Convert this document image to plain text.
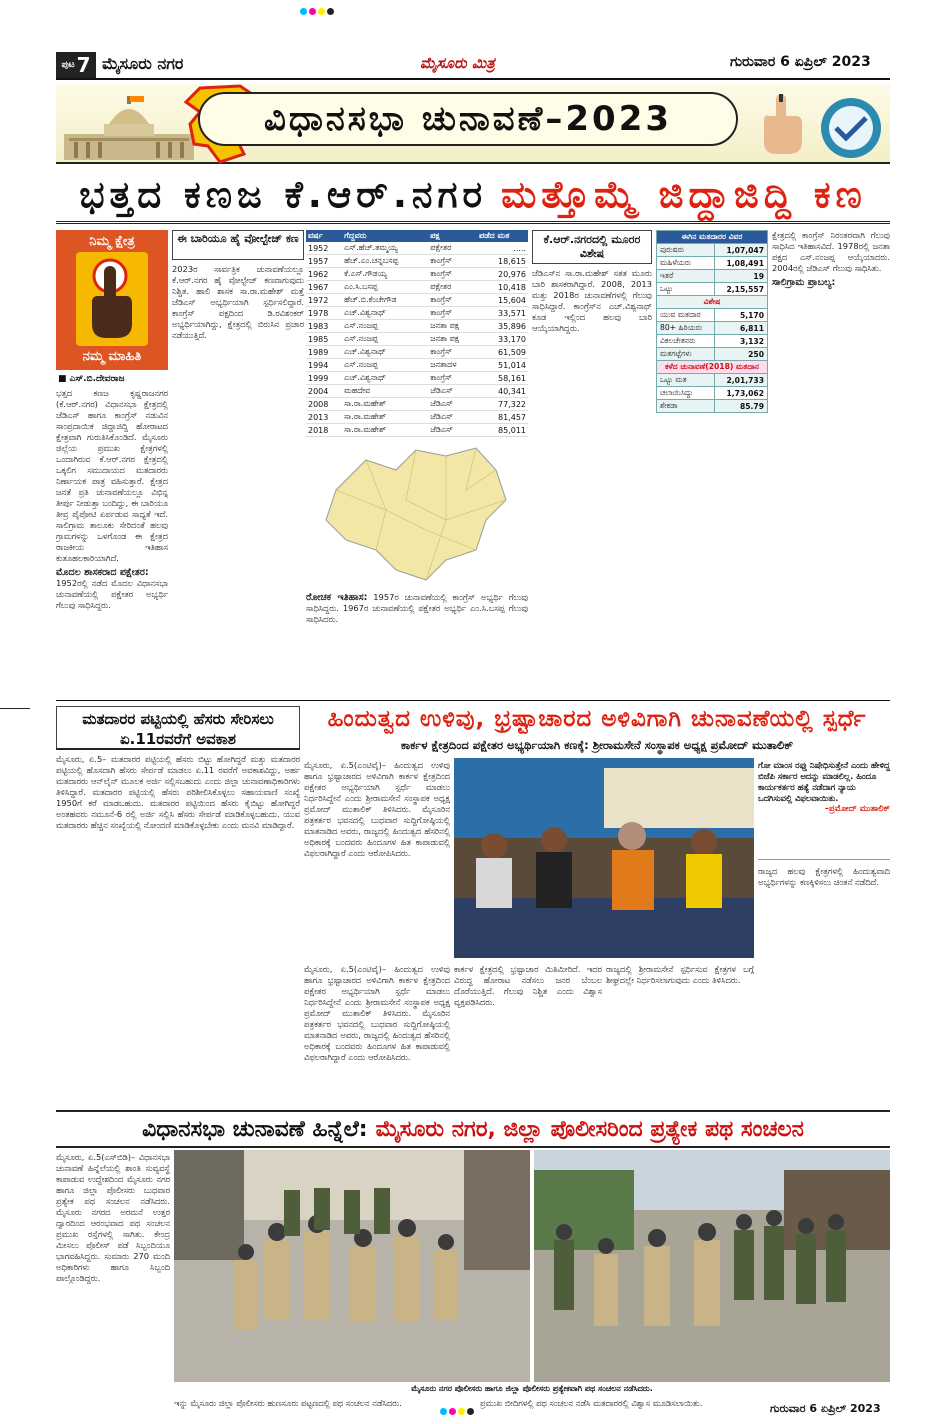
ಪುಟ 7 ಮೈಸೂರು ನಗರ	ಮೈಸೂರು ಮಿತ್ರ	ಗುರುವಾರ 6 ಏಪ್ರಿಲ್ 2023
ವಿಧಾನಸಭಾ ಚುನಾವಣೆ–2023
ಭತ್ತದ ಕಣಜ ಕೆ.ಆರ್.ನಗರ ಮತ್ತೊಮ್ಮೆ ಜಿದ್ದಾಜಿದ್ದಿ ಕಣ
ನಿಮ್ಮ ಕ್ಷೇತ್ರ
ನಮ್ಮ ಮಾಹಿತಿ
■ ಎಸ್.ಬಿ.ದೇವರಾಜ
ಭತ್ತದ ಕಣಜ ಕೃಷ್ಣರಾಜನಗರ (ಕೆ.ಆರ್.ನಗರ) ವಿಧಾನಸಭಾ ಕ್ಷೇತ್ರದಲ್ಲಿ ಜೆಡಿಎಸ್ ಹಾಗೂ ಕಾಂಗ್ರೆಸ್ ನಡುವಿನ ಸಾಂಪ್ರದಾಯಿಕ ಜಿದ್ದಾಜಿದ್ದಿ ಹೋರಾಟದ ಕ್ಷೇತ್ರವಾಗಿ ಗುರುತಿಸಿಕೊಂಡಿದೆ. ಮೈಸೂರು ಜಿಲ್ಲೆಯ ಪ್ರಮುಖ ಕ್ಷೇತ್ರಗಳಲ್ಲಿ ಒಂದಾಗಿರುವ ಕೆ.ಆರ್.ನಗರ ಕ್ಷೇತ್ರದಲ್ಲಿ ಒಕ್ಕಲಿಗ ಸಮುದಾಯದ ಮತದಾರರು ನಿರ್ಣಾಯಕ ಪಾತ್ರ ವಹಿಸುತ್ತಾರೆ. ಕ್ಷೇತ್ರದ ಜನತೆ ಪ್ರತಿ ಚುನಾವಣೆಯಲ್ಲೂ ವಿಭಿನ್ನ ತೀರ್ಪು ನೀಡುತ್ತಾ ಬಂದಿದ್ದು, ಈ ಬಾರಿಯೂ ತೀವ್ರ ಪೈಪೋಟಿ ಏರ್ಪಡುವ ಸಾಧ್ಯತೆ ಇದೆ. ಸಾಲಿಗ್ರಾಮ ತಾಲೂಕು ಸೇರಿದಂತೆ ಹಲವು ಗ್ರಾಮಗಳನ್ನು ಒಳಗೊಂಡ ಈ ಕ್ಷೇತ್ರದ ರಾಜಕೀಯ ಇತಿಹಾಸ ಕುತೂಹಲಕಾರಿಯಾಗಿದೆ.
ಮೊದಲ ಶಾಸಕರಾದ ಪಕ್ಷೇತರ:
1952ರಲ್ಲಿ ನಡೆದ ಮೊದಲ ವಿಧಾನಸಭಾ ಚುನಾವಣೆಯಲ್ಲಿ ಪಕ್ಷೇತರ ಅಭ್ಯರ್ಥಿ ಗೆಲುವು ಸಾಧಿಸಿದ್ದರು.
ಈ ಬಾರಿಯೂ ಹೈ ವೋಲ್ಟೇಜ್ ಕಣ
2023ರ ಸಾರ್ವತ್ರಿಕ ಚುನಾವಣೆಯಲ್ಲೂ ಕೆ.ಆರ್.ನಗರ ಹೈ ವೋಲ್ಟೇಜ್ ಕಣವಾಗುವುದು ನಿಶ್ಚಿತ. ಹಾಲಿ ಶಾಸಕ ಸಾ.ರಾ.ಮಹೇಶ್ ಮತ್ತೆ ಜೆಡಿಎಸ್ ಅಭ್ಯರ್ಥಿಯಾಗಿ ಸ್ಪರ್ಧಿಸಲಿದ್ದಾರೆ. ಕಾಂಗ್ರೆಸ್ ಪಕ್ಷದಿಂದ ಡಿ.ರವಿಶಂಕರ್ ಅಭ್ಯರ್ಥಿಯಾಗಿದ್ದು, ಕ್ಷೇತ್ರದಲ್ಲಿ ಬಿರುಸಿನ ಪ್ರಚಾರ ನಡೆಯುತ್ತಿದೆ.
ವರ್ಷ	ಗೆದ್ದವರು	ಪಕ್ಷ	ಪಡೆದ ಮತ
1952	ಎಸ್.ಹೆಚ್.ತಮ್ಮಯ್ಯ	ಪಕ್ಷೇತರ	.....
1957	ಹೆಚ್.ಎಂ.ಚನ್ನಬಸಪ್ಪ	ಕಾಂಗ್ರೆಸ್	18,615
1962	ಕೆ.ಎಸ್.ಗೌಡಯ್ಯ	ಕಾಂಗ್ರೆಸ್	20,976
1967	ಎಂ.ಸಿ.ಬಸಪ್ಪ	ಪಕ್ಷೇತರ	10,418
1972	ಹೆಚ್.ಬಿ.ಕೆಂಚೇಗೌಡ	ಕಾಂಗ್ರೆಸ್	15,604
1978	ಎಚ್.ವಿಶ್ವನಾಥ್	ಕಾಂಗ್ರೆಸ್	33,571
1983	ಎಸ್.ನಂಜಪ್ಪ	ಜನತಾ ಪಕ್ಷ	35,896
1985	ಎಸ್.ನಂಜಪ್ಪ	ಜನತಾ ಪಕ್ಷ	33,170
1989	ಎಚ್.ವಿಶ್ವನಾಥ್	ಕಾಂಗ್ರೆಸ್	61,509
1994	ಎಸ್.ನಂಜಪ್ಪ	ಜನತಾದಳ	51,014
1999	ಎಚ್.ವಿಶ್ವನಾಥ್	ಕಾಂಗ್ರೆಸ್	58,161
2004	ಮಹದೇವ	ಜೆಡಿಎಸ್	40,341
2008	ಸಾ.ರಾ.ಮಹೇಶ್	ಜೆಡಿಎಸ್	77,322
2013	ಸಾ.ರಾ.ಮಹೇಶ್	ಜೆಡಿಎಸ್	81,457
2018	ಸಾ.ರಾ.ಮಹೇಶ್	ಜೆಡಿಎಸ್	85,011
ರೋಚಕ ಇತಿಹಾಸ: 1957ರ ಚುನಾವಣೆಯಲ್ಲಿ ಕಾಂಗ್ರೆಸ್ ಅಭ್ಯರ್ಥಿ ಗೆಲುವು ಸಾಧಿಸಿದ್ದರು. 1967ರ ಚುನಾವಣೆಯಲ್ಲಿ ಪಕ್ಷೇತರ ಅಭ್ಯರ್ಥಿ ಎಂ.ಸಿ.ಬಸಪ್ಪ ಗೆಲುವು ಸಾಧಿಸಿದರು.
ಕೆ.ಆರ್.ನಗರದಲ್ಲಿ ಮೂರರ ವಿಶೇಷ
ಜೆಡಿಎಸ್‌ನ ಸಾ.ರಾ.ಮಹೇಶ್ ಸತತ ಮೂರು ಬಾರಿ ಶಾಸಕರಾಗಿದ್ದಾರೆ. 2008, 2013 ಮತ್ತು 2018ರ ಚುನಾವಣೆಗಳಲ್ಲಿ ಗೆಲುವು ಸಾಧಿಸಿದ್ದಾರೆ. ಕಾಂಗ್ರೆಸ್‌ನ ಎಚ್.ವಿಶ್ವನಾಥ್ ಕೂಡ ಇಲ್ಲಿಂದ ಹಲವು ಬಾರಿ ಆಯ್ಕೆಯಾಗಿದ್ದರು.
ಈಗಿನ ಮತದಾರರ ವಿವರ	
ಪುರುಷರು	1,07,047
ಮಹಿಳೆಯರು	1,08,491
ಇತರೆ	19
ಒಟ್ಟು	2,15,557
ವಿಶೇಷ	
ಯುವ ಮತದಾರ	5,170
80+ ಹಿರಿಯರು	6,811
ವಿಕಲಚೇತನರು	3,132
ಮತಗಟ್ಟೆಗಳು	250
ಕಳೆದ ಚುನಾವಣೆ(2018) ಮತದಾನ	
ಒಟ್ಟು ಮತ	2,01,733
ಚಲಾಯಿಸಿದ್ದು	1,73,062
ಶೇಕಡಾ	85.79
ಕ್ಷೇತ್ರದಲ್ಲಿ ಕಾಂಗ್ರೆಸ್ ನಿರಂತರವಾಗಿ ಗೆಲುವು ಸಾಧಿಸಿದ ಇತಿಹಾಸವಿದೆ. 1978ರಲ್ಲಿ ಜನತಾ ಪಕ್ಷದ ಎಸ್.ನಂಜಪ್ಪ ಆಯ್ಕೆಯಾದರು. 2004ರಲ್ಲಿ ಜೆಡಿಎಸ್ ಗೆಲುವು ಸಾಧಿಸಿತು.
ಸಾಲಿಗ್ರಾಮ ಪ್ರಾಬಲ್ಯ:
ಮತದಾರರ ಪಟ್ಟಿಯಲ್ಲಿ ಹೆಸರು ಸೇರಿಸಲು ಏ.11ರವರೆಗೆ ಅವಕಾಶ
ಮೈಸೂರು, ಏ.5– ಮತದಾರರ ಪಟ್ಟಿಯಲ್ಲಿ ಹೆಸರು ಬಿಟ್ಟು ಹೋಗಿದ್ದರೆ ಮತ್ತು ಮತದಾರರ ಪಟ್ಟಿಯಲ್ಲಿ ಹೊಸದಾಗಿ ಹೆಸರು ಸೇರ್ಪಡೆ ಮಾಡಲು ಏ.11 ರವರೆಗೆ ಅವಕಾಶವಿದ್ದು, ಅರ್ಹ ಮತದಾರರು ಆನ್‌ಲೈನ್ ಮೂಲಕ ಅರ್ಜಿ ಸಲ್ಲಿಸಬಹುದು ಎಂದು ಜಿಲ್ಲಾ ಚುನಾವಣಾಧಿಕಾರಿಗಳು ತಿಳಿಸಿದ್ದಾರೆ. ಮತದಾರರ ಪಟ್ಟಿಯಲ್ಲಿ ಹೆಸರು ಪರಿಶೀಲಿಸಿಕೊಳ್ಳಲು ಸಹಾಯವಾಣಿ ಸಂಖ್ಯೆ 1950ಗೆ ಕರೆ ಮಾಡಬಹುದು. ಮತದಾರರ ಪಟ್ಟಿಯಿಂದ ಹೆಸರು ಕೈಬಿಟ್ಟು ಹೋಗಿದ್ದರೆ ಅಂತಹವರು ನಮೂನೆ-6 ರಲ್ಲಿ ಅರ್ಜಿ ಸಲ್ಲಿಸಿ ಹೆಸರು ಸೇರ್ಪಡೆ ಮಾಡಿಕೊಳ್ಳಬಹುದು. ಯುವ ಮತದಾರರು ಹೆಚ್ಚಿನ ಸಂಖ್ಯೆಯಲ್ಲಿ ನೋಂದಣಿ ಮಾಡಿಕೊಳ್ಳಬೇಕು ಎಂದು ಮನವಿ ಮಾಡಿದ್ದಾರೆ.
ಹಿಂದುತ್ವದ ಉಳಿವು, ಭ್ರಷ್ಟಾಚಾರದ ಅಳಿವಿಗಾಗಿ ಚುನಾವಣೆಯಲ್ಲಿ ಸ್ಪರ್ಧೆ
ಕಾರ್ಕಳ ಕ್ಷೇತ್ರದಿಂದ ಪಕ್ಷೇತರ ಅಭ್ಯರ್ಥಿಯಾಗಿ ಕಣಕ್ಕೆ: ಶ್ರೀರಾಮಸೇನೆ ಸಂಸ್ಥಾಪಕ ಅಧ್ಯಕ್ಷ ಪ್ರಮೋದ್ ಮುತಾಲಿಕ್
ಮೈಸೂರು, ಏ.5(ಎಂಟಿವೈ)– ಹಿಂದುತ್ವದ ಉಳಿವು ಹಾಗೂ ಭ್ರಷ್ಟಾಚಾರದ ಅಳಿವಿಗಾಗಿ ಕಾರ್ಕಳ ಕ್ಷೇತ್ರದಿಂದ ಪಕ್ಷೇತರ ಅಭ್ಯರ್ಥಿಯಾಗಿ ಸ್ಪರ್ಧೆ ಮಾಡಲು ನಿರ್ಧರಿಸಿದ್ದೇನೆ ಎಂದು ಶ್ರೀರಾಮಸೇನೆ ಸಂಸ್ಥಾಪಕ ಅಧ್ಯಕ್ಷ ಪ್ರಮೋದ್ ಮುತಾಲಿಕ್ ತಿಳಿಸಿದರು. ಮೈಸೂರಿನ ಪತ್ರಕರ್ತರ ಭವನದಲ್ಲಿ ಬುಧವಾರ ಸುದ್ದಿಗೋಷ್ಠಿಯಲ್ಲಿ ಮಾತನಾಡಿದ ಅವರು, ರಾಜ್ಯದಲ್ಲಿ ಹಿಂದುತ್ವದ ಹೆಸರಿನಲ್ಲಿ ಅಧಿಕಾರಕ್ಕೆ ಬಂದವರು ಹಿಂದೂಗಳ ಹಿತ ಕಾಪಾಡುವಲ್ಲಿ ವಿಫಲರಾಗಿದ್ದಾರೆ ಎಂದು ಆರೋಪಿಸಿದರು.
ಗೋ ಮಾಂಸ ರಫ್ತು ನಿಷೇಧಿಸುತ್ತೇನೆ ಎಂದು ಹೇಳಿದ್ದ ಬಿಜೆಪಿ ಸರ್ಕಾರ ಅದನ್ನು ಮಾಡಲಿಲ್ಲ. ಹಿಂದೂ ಕಾರ್ಯಕರ್ತರ ಹತ್ಯೆ ನಡೆದಾಗ ನ್ಯಾಯ ಒದಗಿಸುವಲ್ಲಿ ವಿಫಲವಾಯಿತು.
–ಪ್ರಮೋದ್ ಮುತಾಲಿಕ್
ರಾಜ್ಯದ ಹಲವು ಕ್ಷೇತ್ರಗಳಲ್ಲಿ ಹಿಂದುತ್ವವಾದಿ ಅಭ್ಯರ್ಥಿಗಳನ್ನು ಕಣಕ್ಕಿಳಿಸಲು ಚಿಂತನೆ ನಡೆದಿದೆ.
ಕಾರ್ಕಳ ಕ್ಷೇತ್ರದಲ್ಲಿ ಭ್ರಷ್ಟಾಚಾರ ಮಿತಿಮೀರಿದೆ. ಇದರ ವಿರುದ್ಧ ಹೋರಾಟ ನಡೆಸಲು ಜನರ ಬೆಂಬಲ ದೊರೆಯುತ್ತಿದೆ. ಗೆಲುವು ನಿಶ್ಚಿತ ಎಂದು ವಿಶ್ವಾಸ ವ್ಯಕ್ತಪಡಿಸಿದರು.
ರಾಜ್ಯದಲ್ಲಿ ಶ್ರೀರಾಮಸೇನೆ ಸ್ಪರ್ಧಿಸುವ ಕ್ಷೇತ್ರಗಳ ಬಗ್ಗೆ ಶೀಘ್ರದಲ್ಲೇ ನಿರ್ಧರಿಸಲಾಗುವುದು ಎಂದು ತಿಳಿಸಿದರು.
ಮೈಸೂರು, ಏ.5(ಎಂಟಿವೈ)– ಹಿಂದುತ್ವದ ಉಳಿವು ಹಾಗೂ ಭ್ರಷ್ಟಾಚಾರದ ಅಳಿವಿಗಾಗಿ ಕಾರ್ಕಳ ಕ್ಷೇತ್ರದಿಂದ ಪಕ್ಷೇತರ ಅಭ್ಯರ್ಥಿಯಾಗಿ ಸ್ಪರ್ಧೆ ಮಾಡಲು ನಿರ್ಧರಿಸಿದ್ದೇನೆ ಎಂದು ಶ್ರೀರಾಮಸೇನೆ ಸಂಸ್ಥಾಪಕ ಅಧ್ಯಕ್ಷ ಪ್ರಮೋದ್ ಮುತಾಲಿಕ್ ತಿಳಿಸಿದರು. ಮೈಸೂರಿನ ಪತ್ರಕರ್ತರ ಭವನದಲ್ಲಿ ಬುಧವಾರ ಸುದ್ದಿಗೋಷ್ಠಿಯಲ್ಲಿ ಮಾತನಾಡಿದ ಅವರು, ರಾಜ್ಯದಲ್ಲಿ ಹಿಂದುತ್ವದ ಹೆಸರಿನಲ್ಲಿ ಅಧಿಕಾರಕ್ಕೆ ಬಂದವರು ಹಿಂದೂಗಳ ಹಿತ ಕಾಪಾಡುವಲ್ಲಿ ವಿಫಲರಾಗಿದ್ದಾರೆ ಎಂದು ಆರೋಪಿಸಿದರು.
ವಿಧಾನಸಭಾ ಚುನಾವಣೆ ಹಿನ್ನೆಲೆ: ಮೈಸೂರು ನಗರ, ಜಿಲ್ಲಾ ಪೊಲೀಸರಿಂದ ಪ್ರತ್ಯೇಕ ಪಥ ಸಂಚಲನ
ಮೈಸೂರು, ಏ.5(ಎಸ್‌ಬಿಡಿ)– ವಿಧಾನಸಭಾ ಚುನಾವಣೆ ಹಿನ್ನೆಲೆಯಲ್ಲಿ ಶಾಂತಿ ಸುವ್ಯವಸ್ಥೆ ಕಾಪಾಡುವ ಉದ್ದೇಶದಿಂದ ಮೈಸೂರು ನಗರ ಹಾಗೂ ಜಿಲ್ಲಾ ಪೊಲೀಸರು ಬುಧವಾರ ಪ್ರತ್ಯೇಕ ಪಥ ಸಂಚಲನ ನಡೆಸಿದರು. ಮೈಸೂರು ನಗರದ ಅರಮನೆ ಉತ್ತರ ದ್ವಾರದಿಂದ ಆರಂಭವಾದ ಪಥ ಸಂಚಲನ ಪ್ರಮುಖ ರಸ್ತೆಗಳಲ್ಲಿ ಸಾಗಿತು. ಕೇಂದ್ರ ಮೀಸಲು ಪೊಲೀಸ್ ಪಡೆ ಸಿಬ್ಬಂದಿಯೂ ಭಾಗವಹಿಸಿದ್ದರು. ಸುಮಾರು 270 ಮಂದಿ ಅಧಿಕಾರಿಗಳು ಹಾಗೂ ಸಿಬ್ಬಂದಿ ಪಾಲ್ಗೊಂಡಿದ್ದರು.
ಮೈಸೂರು ನಗರ ಪೊಲೀಸರು ಹಾಗೂ ಜಿಲ್ಲಾ ಪೊಲೀಸರು ಪ್ರತ್ಯೇಕವಾಗಿ ಪಥ ಸಂಚಲನ ನಡೆಸಿದರು.
ಇನ್ನು ಮೈಸೂರು ಜಿಲ್ಲಾ ಪೊಲೀಸರು ಹುಣಸೂರು ಪಟ್ಟಣದಲ್ಲಿ ಪಥ ಸಂಚಲನ ನಡೆಸಿದರು.	ಪ್ರಮುಖ ಬೀದಿಗಳಲ್ಲಿ ಪಥ ಸಂಚಲನ ನಡೆಸಿ ಮತದಾರರಲ್ಲಿ ವಿಶ್ವಾಸ ಮೂಡಿಸಲಾಯಿತು.	ಗುರುವಾರ 6 ಏಪ್ರಿಲ್ 2023
